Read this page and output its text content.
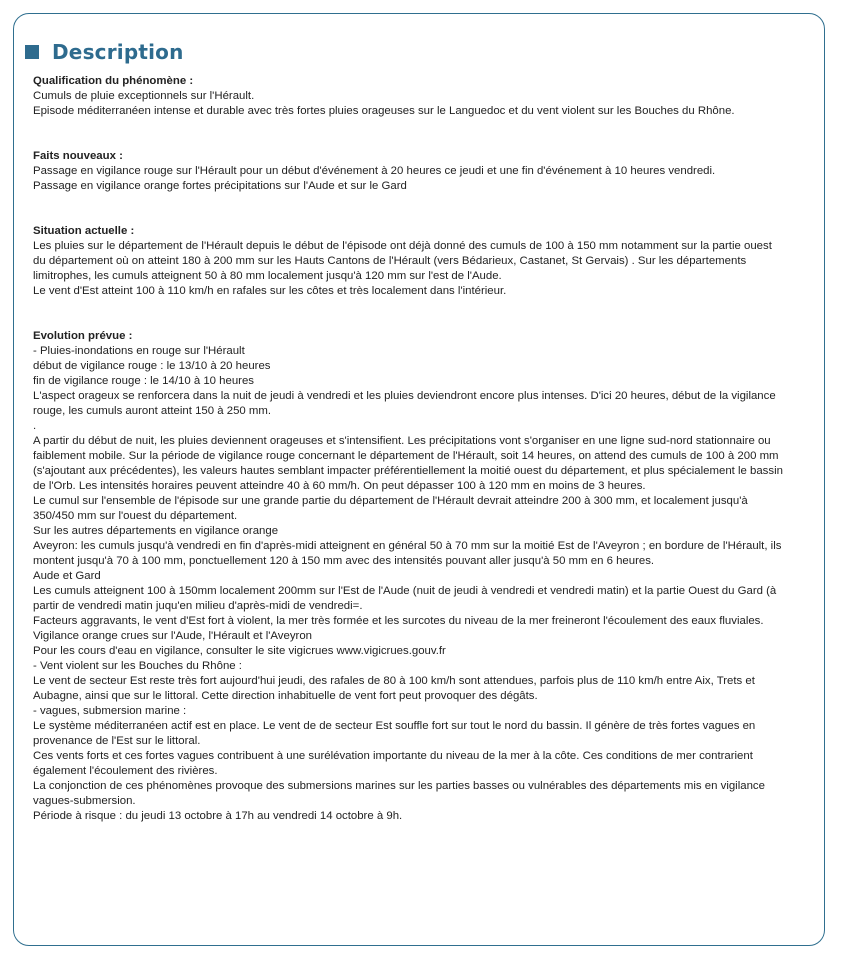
Description
Qualification du phénomène :
Cumuls de pluie exceptionnels sur l'Hérault.
Episode méditerranéen intense et durable avec très fortes pluies orageuses sur le Languedoc et du vent violent sur les Bouches du Rhône.
Faits nouveaux :
Passage en vigilance rouge sur l'Hérault pour un début d'événement à 20 heures ce jeudi et une fin d'événement à 10 heures vendredi.
Passage en vigilance orange fortes précipitations sur l'Aude et sur le Gard
Situation actuelle :
Les pluies sur le département de l'Hérault depuis le début de l'épisode ont déjà donné des cumuls de 100 à 150 mm notamment sur la partie ouest du département où on atteint 180 à 200 mm sur les Hauts Cantons de l'Hérault (vers Bédarieux, Castanet, St Gervais) . Sur les départements limitrophes, les cumuls atteignent 50 à 80 mm localement jusqu'à 120 mm sur l'est de l'Aude.
Le vent d'Est atteint 100 à 110 km/h en rafales sur les côtes et très localement dans l'intérieur.
Evolution prévue :
- Pluies-inondations en rouge sur l'Hérault
début de vigilance rouge : le 13/10 à 20 heures
fin de vigilance rouge : le 14/10 à 10 heures
L'aspect orageux se renforcera dans la nuit de jeudi à vendredi et les pluies deviendront encore plus intenses. D'ici 20 heures, début de la vigilance rouge, les cumuls auront atteint 150 à 250 mm.
.
A partir du début de nuit, les pluies deviennent orageuses et s'intensifient. Les précipitations vont s'organiser en une ligne sud-nord stationnaire ou faiblement mobile. Sur la période de vigilance rouge concernant le département de l'Hérault, soit 14 heures, on attend des cumuls de 100 à 200 mm (s'ajoutant aux précédentes), les valeurs hautes semblant impacter préférentiellement la moitié ouest du département, et plus spécialement le bassin de l'Orb. Les intensités horaires peuvent atteindre 40 à 60 mm/h. On peut dépasser 100 à 120 mm en moins de 3 heures.
Le cumul sur l'ensemble de l'épisode sur une grande partie du département de l'Hérault devrait atteindre 200 à 300 mm, et localement jusqu'à 350/450 mm sur l'ouest du département.
Sur les autres départements en vigilance orange
Aveyron: les cumuls jusqu'à vendredi en fin d'après-midi atteignent en général 50 à 70 mm sur la moitié Est de l'Aveyron ; en bordure de l'Hérault, ils montent jusqu'à 70 à 100 mm, ponctuellement 120 à 150 mm avec des intensités pouvant aller jusqu'à 50 mm en 6 heures.
Aude et Gard
Les cumuls atteignent 100 à 150mm localement 200mm sur l'Est de l'Aude (nuit de jeudi à vendredi et vendredi matin) et la partie Ouest du Gard (à partir de vendredi matin juqu'en milieu d'après-midi de vendredi=.
Facteurs aggravants, le vent d'Est fort à violent, la mer très formée et les surcotes du niveau de la mer freineront l'écoulement des eaux fluviales.
Vigilance orange crues sur l'Aude, l'Hérault et l'Aveyron
Pour les cours d'eau en vigilance, consulter le site vigicrues www.vigicrues.gouv.fr
- Vent violent sur les Bouches du Rhône :
Le vent de secteur Est reste très fort aujourd'hui jeudi, des rafales de 80 à 100 km/h sont attendues, parfois plus de 110 km/h entre Aix, Trets et Aubagne, ainsi que sur le littoral. Cette direction inhabituelle de vent fort peut provoquer des dégâts.
- vagues, submersion marine :
Le système méditerranéen actif est en place. Le vent de de secteur Est souffle fort sur tout le nord du bassin. Il génère de très fortes vagues en provenance de l'Est sur le littoral.
Ces vents forts et ces fortes vagues contribuent à une surélévation importante du niveau de la mer à la côte. Ces conditions de mer contrarient également l'écoulement des rivières.
La conjonction de ces phénomènes provoque des submersions marines sur les parties basses ou vulnérables des départements mis en vigilance vagues-submersion.
Période à risque : du jeudi 13 octobre à 17h au vendredi 14 octobre à 9h.
